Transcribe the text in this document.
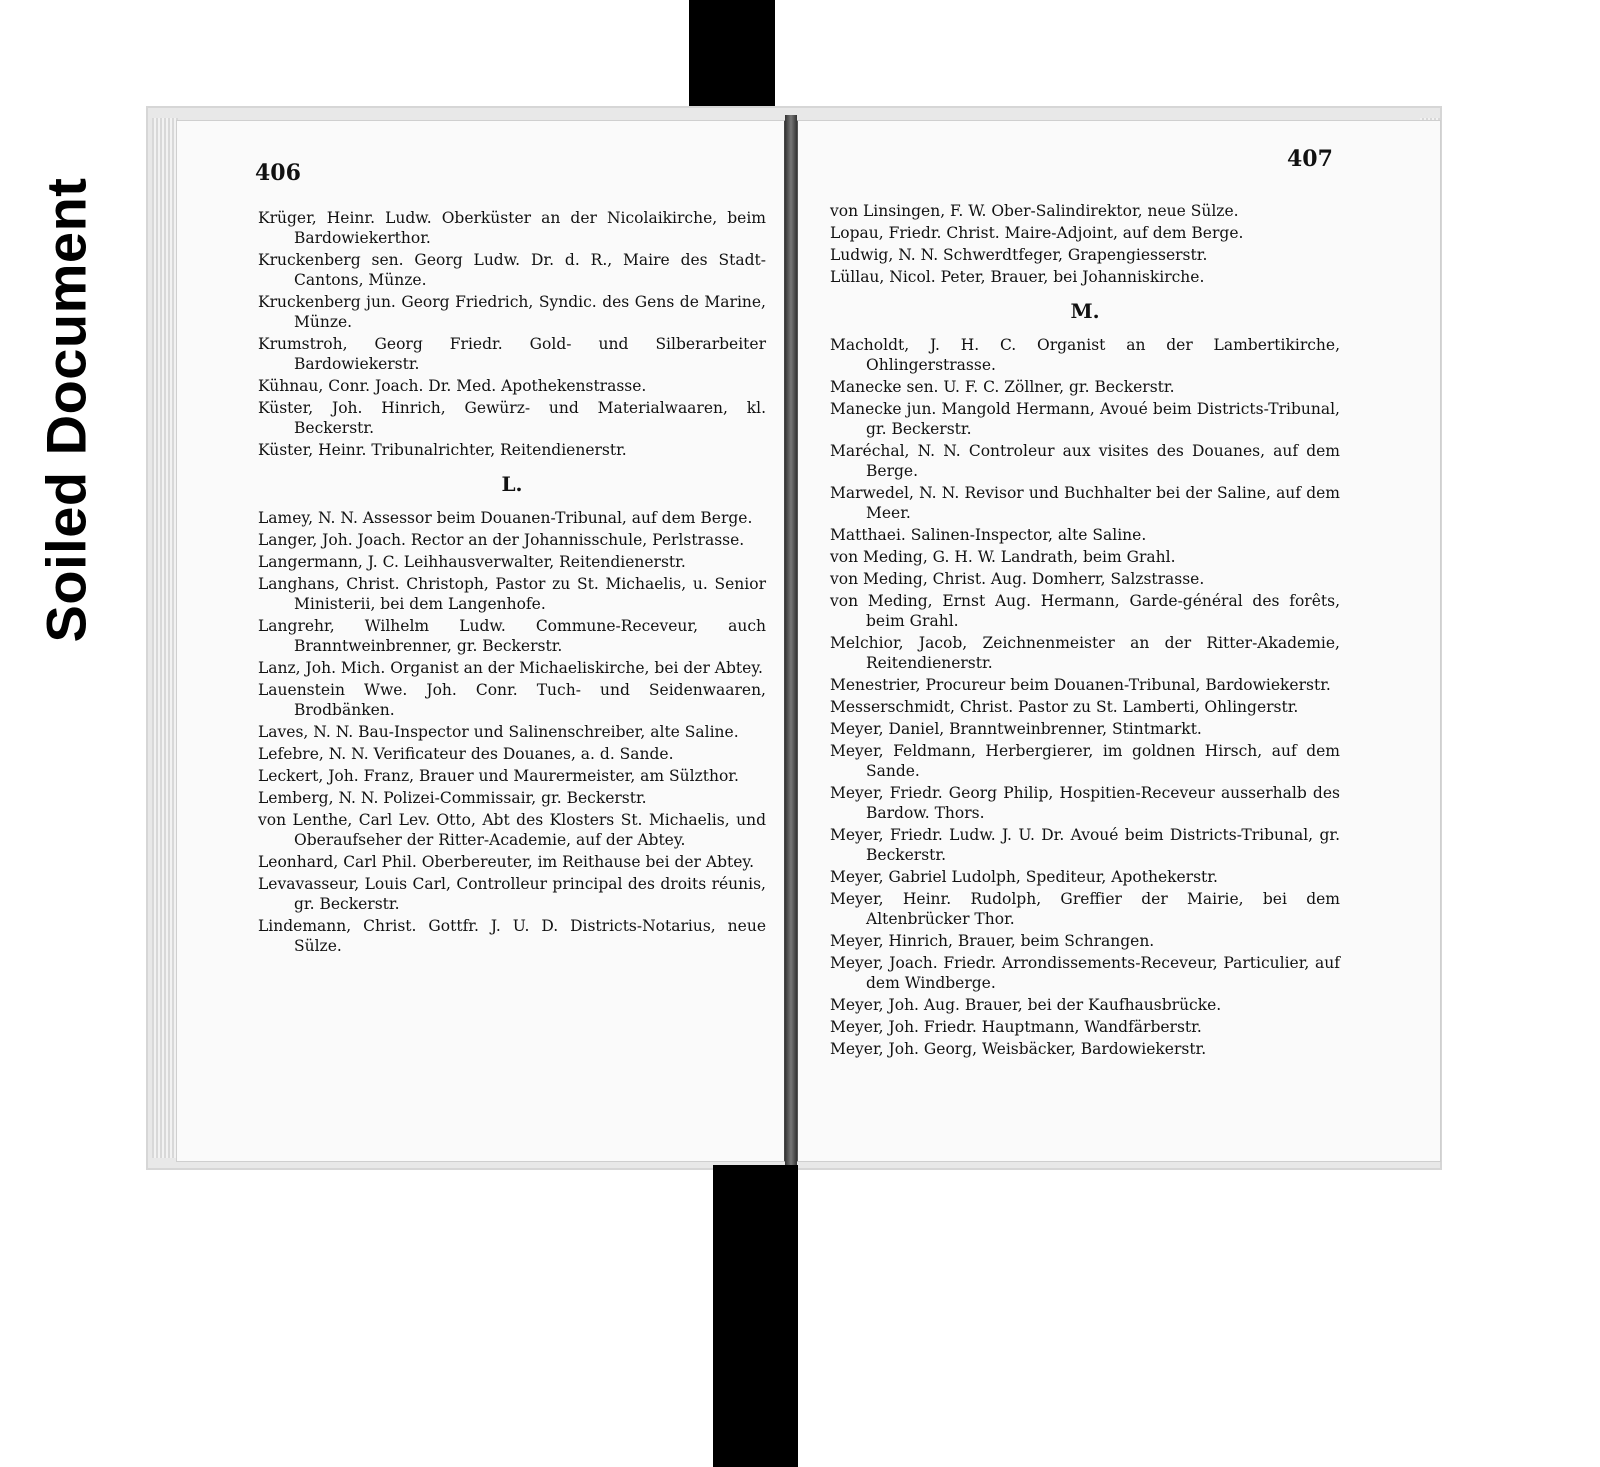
Soiled Document
406
407
Krüger, Heinr. Ludw. Oberküster an der Nicolaikirche, beim Bardowiekerthor.
Kruckenberg sen. Georg Ludw. Dr. d. R., Maire des Stadt-Cantons, Münze.
Kruckenberg jun. Georg Friedrich, Syndic. des Gens de Marine, Münze.
Krumstroh, Georg Friedr. Gold- und Silberarbeiter Bardowiekerstr.
Kühnau, Conr. Joach. Dr. Med. Apothekenstrasse.
Küster, Joh. Hinrich, Gewürz- und Materialwaaren, kl. Beckerstr.
Küster, Heinr. Tribunalrichter, Reitendienerstr.
L.
Lamey, N. N. Assessor beim Douanen-Tribunal, auf dem Berge.
Langer, Joh. Joach. Rector an der Johannisschule, Perlstrasse.
Langermann, J. C. Leihhausverwalter, Reitendienerstr.
Langhans, Christ. Christoph, Pastor zu St. Michaelis, u. Senior Ministerii, bei dem Langenhofe.
Langrehr, Wilhelm Ludw. Commune-Receveur, auch Branntweinbrenner, gr. Beckerstr.
Lanz, Joh. Mich. Organist an der Michaeliskirche, bei der Abtey.
Lauenstein Wwe. Joh. Conr. Tuch- und Seidenwaaren, Brodbänken.
Laves, N. N. Bau-Inspector und Salinenschreiber, alte Saline.
Lefebre, N. N. Verificateur des Douanes, a. d. Sande.
Leckert, Joh. Franz, Brauer und Maurermeister, am Sülzthor.
Lemberg, N. N. Polizei-Commissair, gr. Beckerstr.
von Lenthe, Carl Lev. Otto, Abt des Klosters St. Michaelis, und Oberaufseher der Ritter-Academie, auf der Abtey.
Leonhard, Carl Phil. Oberbereuter, im Reithause bei der Abtey.
Levavasseur, Louis Carl, Controlleur principal des droits réunis, gr. Beckerstr.
Lindemann, Christ. Gottfr. J. U. D. Districts-Notarius, neue Sülze.
von Linsingen, F. W. Ober-Salindirektor, neue Sülze.
Lopau, Friedr. Christ. Maire-Adjoint, auf dem Berge.
Ludwig, N. N. Schwerdtfeger, Grapengiesserstr.
Lüllau, Nicol. Peter, Brauer, bei Johanniskirche.
M.
Macholdt, J. H. C. Organist an der Lambertikirche, Ohlingerstrasse.
Manecke sen. U. F. C. Zöllner, gr. Beckerstr.
Manecke jun. Mangold Hermann, Avoué beim Districts-Tribunal, gr. Beckerstr.
Maréchal, N. N. Controleur aux visites des Douanes, auf dem Berge.
Marwedel, N. N. Revisor und Buchhalter bei der Saline, auf dem Meer.
Matthaei. Salinen-Inspector, alte Saline.
von Meding, G. H. W. Landrath, beim Grahl.
von Meding, Christ. Aug. Domherr, Salzstrasse.
von Meding, Ernst Aug. Hermann, Garde-général des forêts, beim Grahl.
Melchior, Jacob, Zeichnenmeister an der Ritter-Akademie, Reitendienerstr.
Menestrier, Procureur beim Douanen-Tribunal, Bardowiekerstr.
Messerschmidt, Christ. Pastor zu St. Lamberti, Ohlingerstr.
Meyer, Daniel, Branntweinbrenner, Stintmarkt.
Meyer, Feldmann, Herbergierer, im goldnen Hirsch, auf dem Sande.
Meyer, Friedr. Georg Philip, Hospitien-Receveur ausserhalb des Bardow. Thors.
Meyer, Friedr. Ludw. J. U. Dr. Avoué beim Districts-Tribunal, gr. Beckerstr.
Meyer, Gabriel Ludolph, Spediteur, Apothekerstr.
Meyer, Heinr. Rudolph, Greffier der Mairie, bei dem Altenbrücker Thor.
Meyer, Hinrich, Brauer, beim Schrangen.
Meyer, Joach. Friedr. Arrondissements-Receveur, Particulier, auf dem Windberge.
Meyer, Joh. Aug. Brauer, bei der Kaufhausbrücke.
Meyer, Joh. Friedr. Hauptmann, Wandfärberstr.
Meyer, Joh. Georg, Weisbäcker, Bardowiekerstr.
